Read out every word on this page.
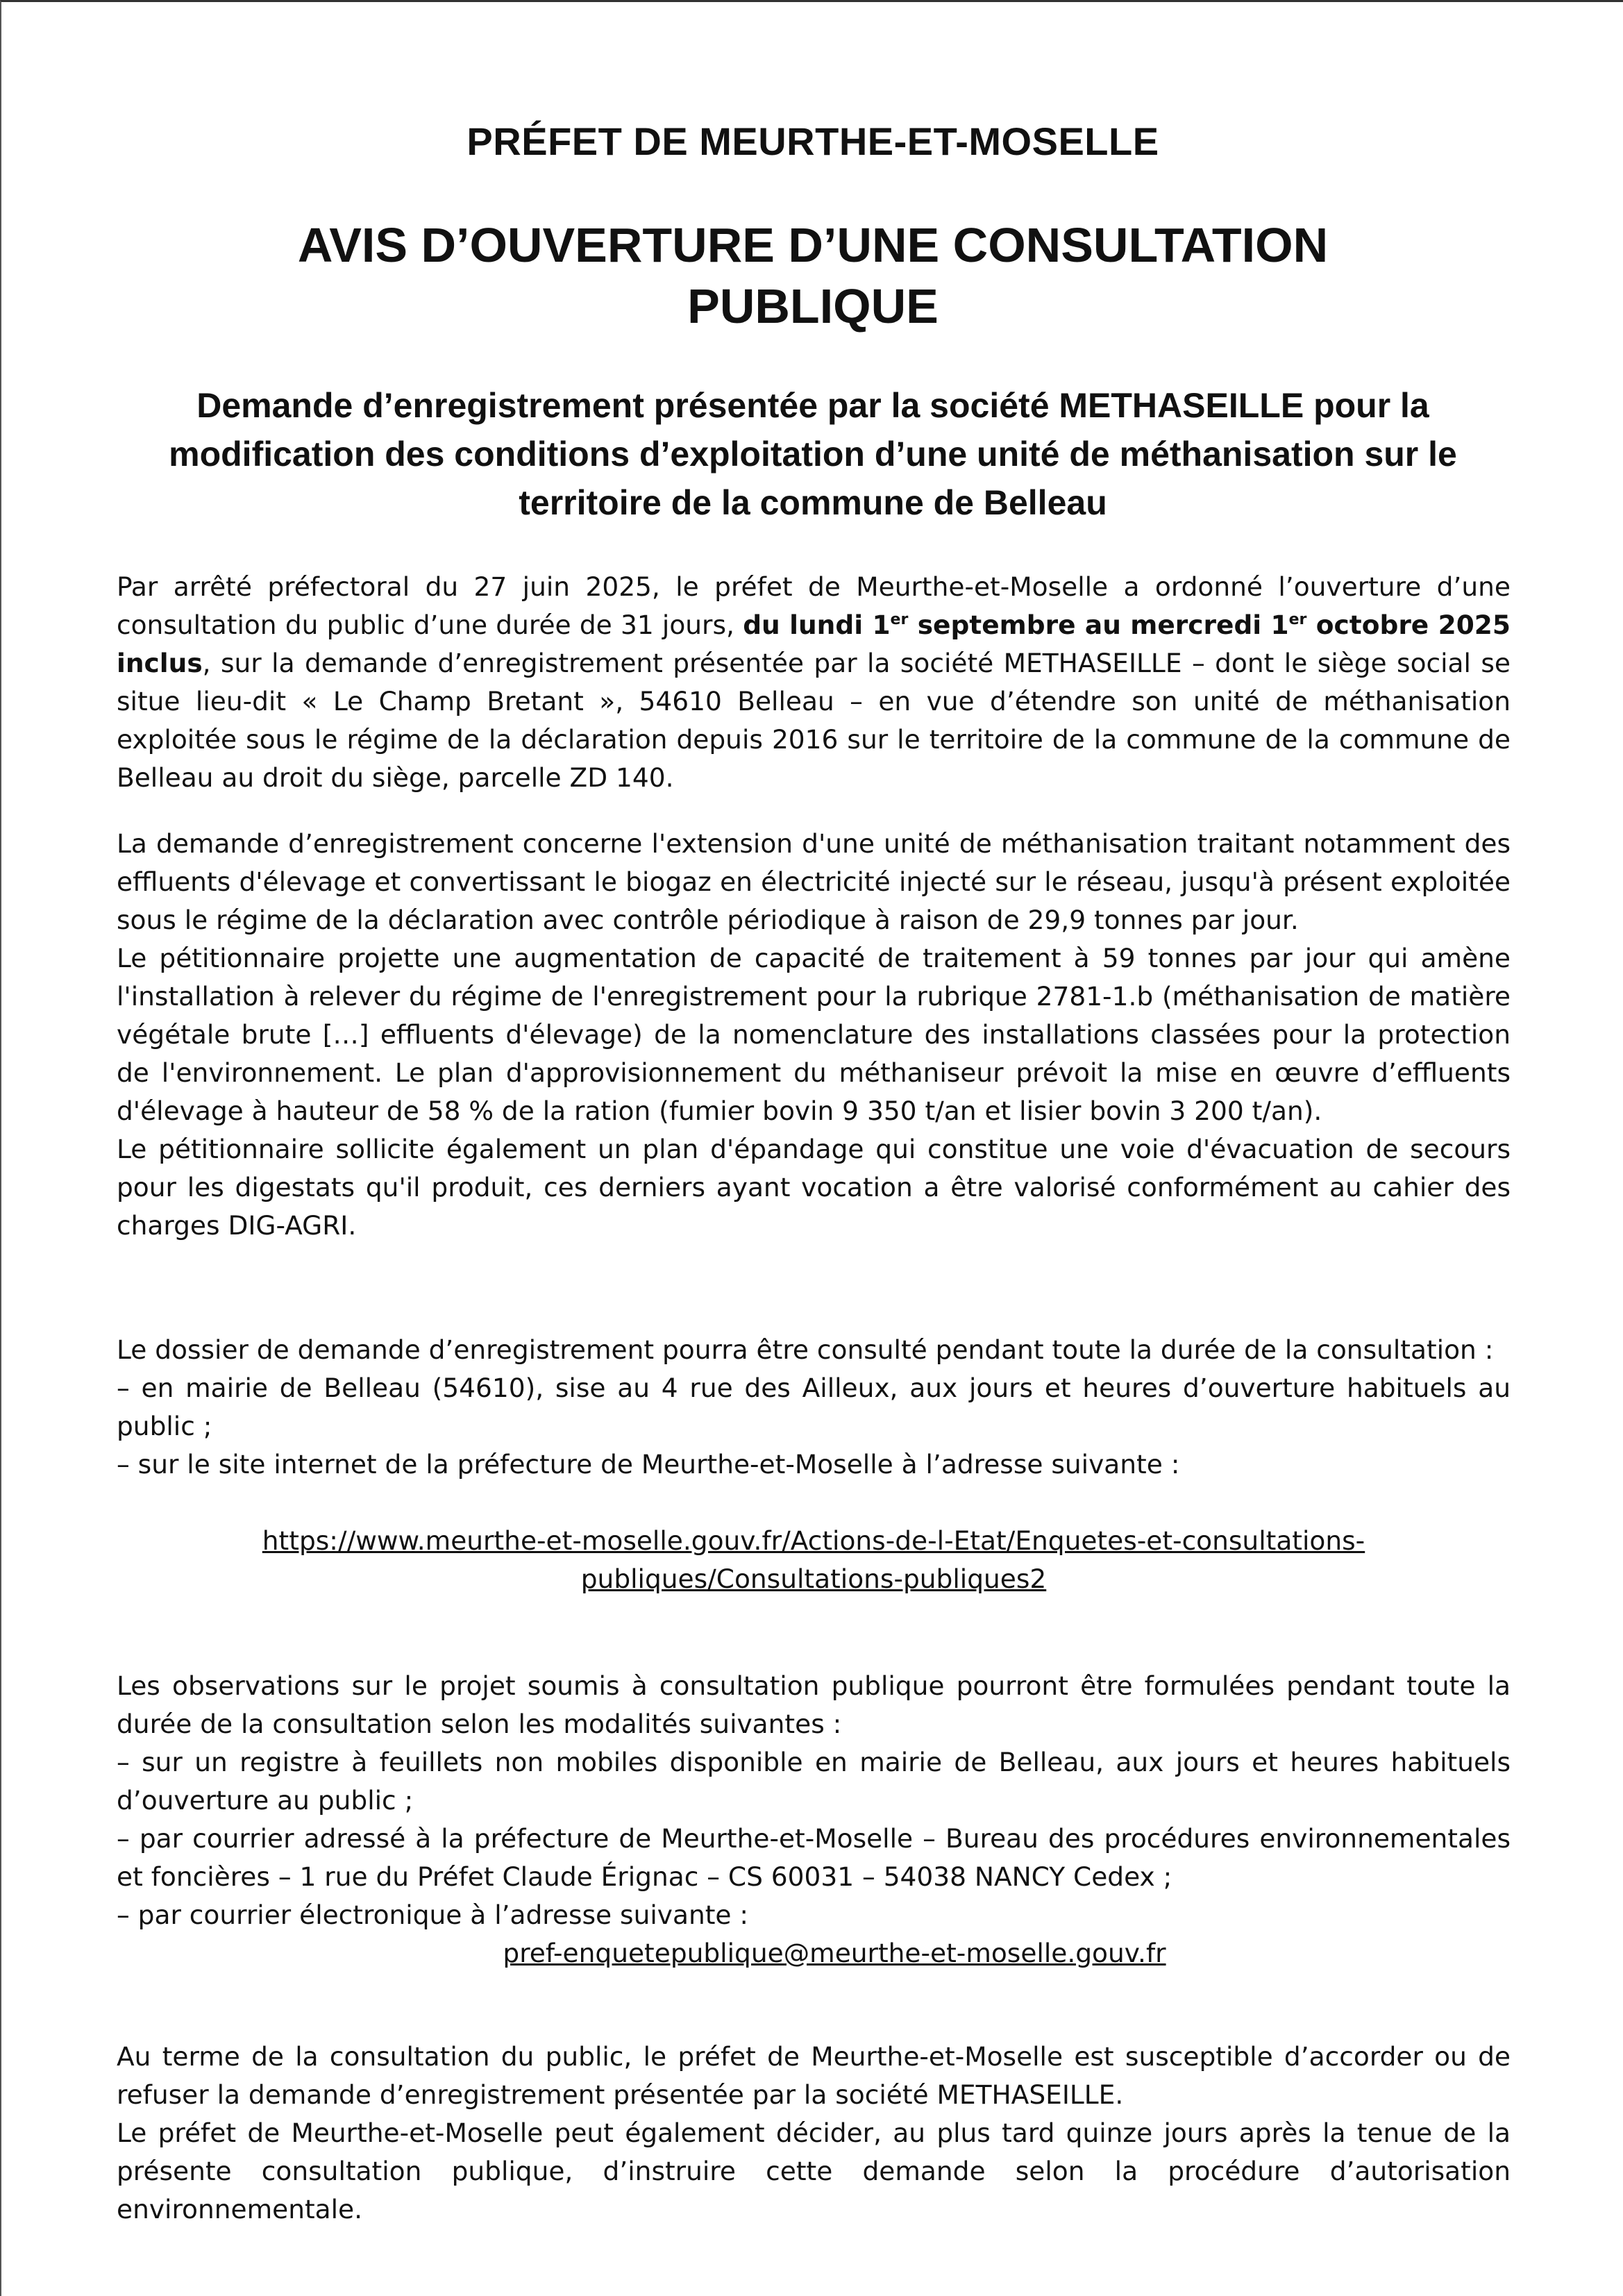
PRÉFET DE MEURTHE-ET-MOSELLE
AVIS D’OUVERTURE D’UNE CONSULTATION
PUBLIQUE
Demande d’enregistrement présentée par la société METHASEILLE pour la modification des conditions d’exploitation d’une unité de méthanisation sur le territoire de la commune de Belleau

Par arrêté préfectoral du 27 juin 2025, le préfet de Meurthe-et-Moselle a ordonné l’ouverture d’une consultation du public d’une durée de 31 jours, du lundi 1er septembre au mercredi 1er octobre 2025 inclus, sur la demande d’enregistrement présentée par la société METHASEILLE – dont le siège social se situe lieu-dit « Le Champ Bretant », 54610 Belleau – en vue d’étendre son unité de méthanisation exploitée sous le régime de la déclaration depuis 2016 sur le territoire de la commune de la commune de Belleau au droit du siège, parcelle ZD 140.

La demande d’enregistrement concerne l'extension d'une unité de méthanisation traitant notamment des effluents d'élevage et convertissant le biogaz en électricité injecté sur le réseau, jusqu'à présent exploitée sous le régime de la déclaration avec contrôle périodique à raison de 29,9 tonnes par jour.

Le pétitionnaire projette une augmentation de capacité de traitement à 59 tonnes par jour qui amène l'installation à relever du régime de l'enregistrement pour la rubrique 2781-1.b (méthanisation de matière végétale brute […] effluents d'élevage) de la nomenclature des installations classées pour la protection de l'environnement. Le plan d'approvisionnement du méthaniseur prévoit la mise en œuvre d’effluents d'élevage à hauteur de 58 % de la ration (fumier bovin 9 350 t/an et lisier bovin 3 200 t/an).

Le pétitionnaire sollicite également un plan d'épandage qui constitue une voie d'évacuation de secours pour les digestats qu'il produit, ces derniers ayant vocation a être valorisé conformément au cahier des charges DIG-AGRI.

Le dossier de demande d’enregistrement pourra être consulté pendant toute la durée de la consultation :

– en mairie de Belleau (54610), sise au 4 rue des Ailleux, aux jours et heures d’ouverture habituels au public ;

– sur le site internet de la préfecture de Meurthe-et-Moselle à l’adresse suivante :

https://www.meurthe-et-moselle.gouv.fr/Actions-de-l-Etat/Enquetes-et-consultations-
publiques/Consultations-publiques2

Les observations sur le projet soumis à consultation publique pourront être formulées pendant toute la durée de la consultation selon les modalités suivantes :

– sur un registre à feuillets non mobiles disponible en mairie de Belleau, aux jours et heures habituels d’ouverture au public ;

– par courrier adressé à la préfecture de Meurthe-et-Moselle – Bureau des procédures environnementales et foncières – 1 rue du Préfet Claude Érignac – CS 60031 – 54038 NANCY Cedex ;

– par courrier électronique à l’adresse suivante :

pref-enquetepublique@meurthe-et-moselle.gouv.fr

Au terme de la consultation du public, le préfet de Meurthe-et-Moselle est susceptible d’accorder ou de refuser la demande d’enregistrement présentée par la société METHASEILLE.

Le préfet de Meurthe-et-Moselle peut également décider, au plus tard quinze jours après la tenue de la présente consultation publique, d’instruire cette demande selon la procédure d’autorisation environnementale.
